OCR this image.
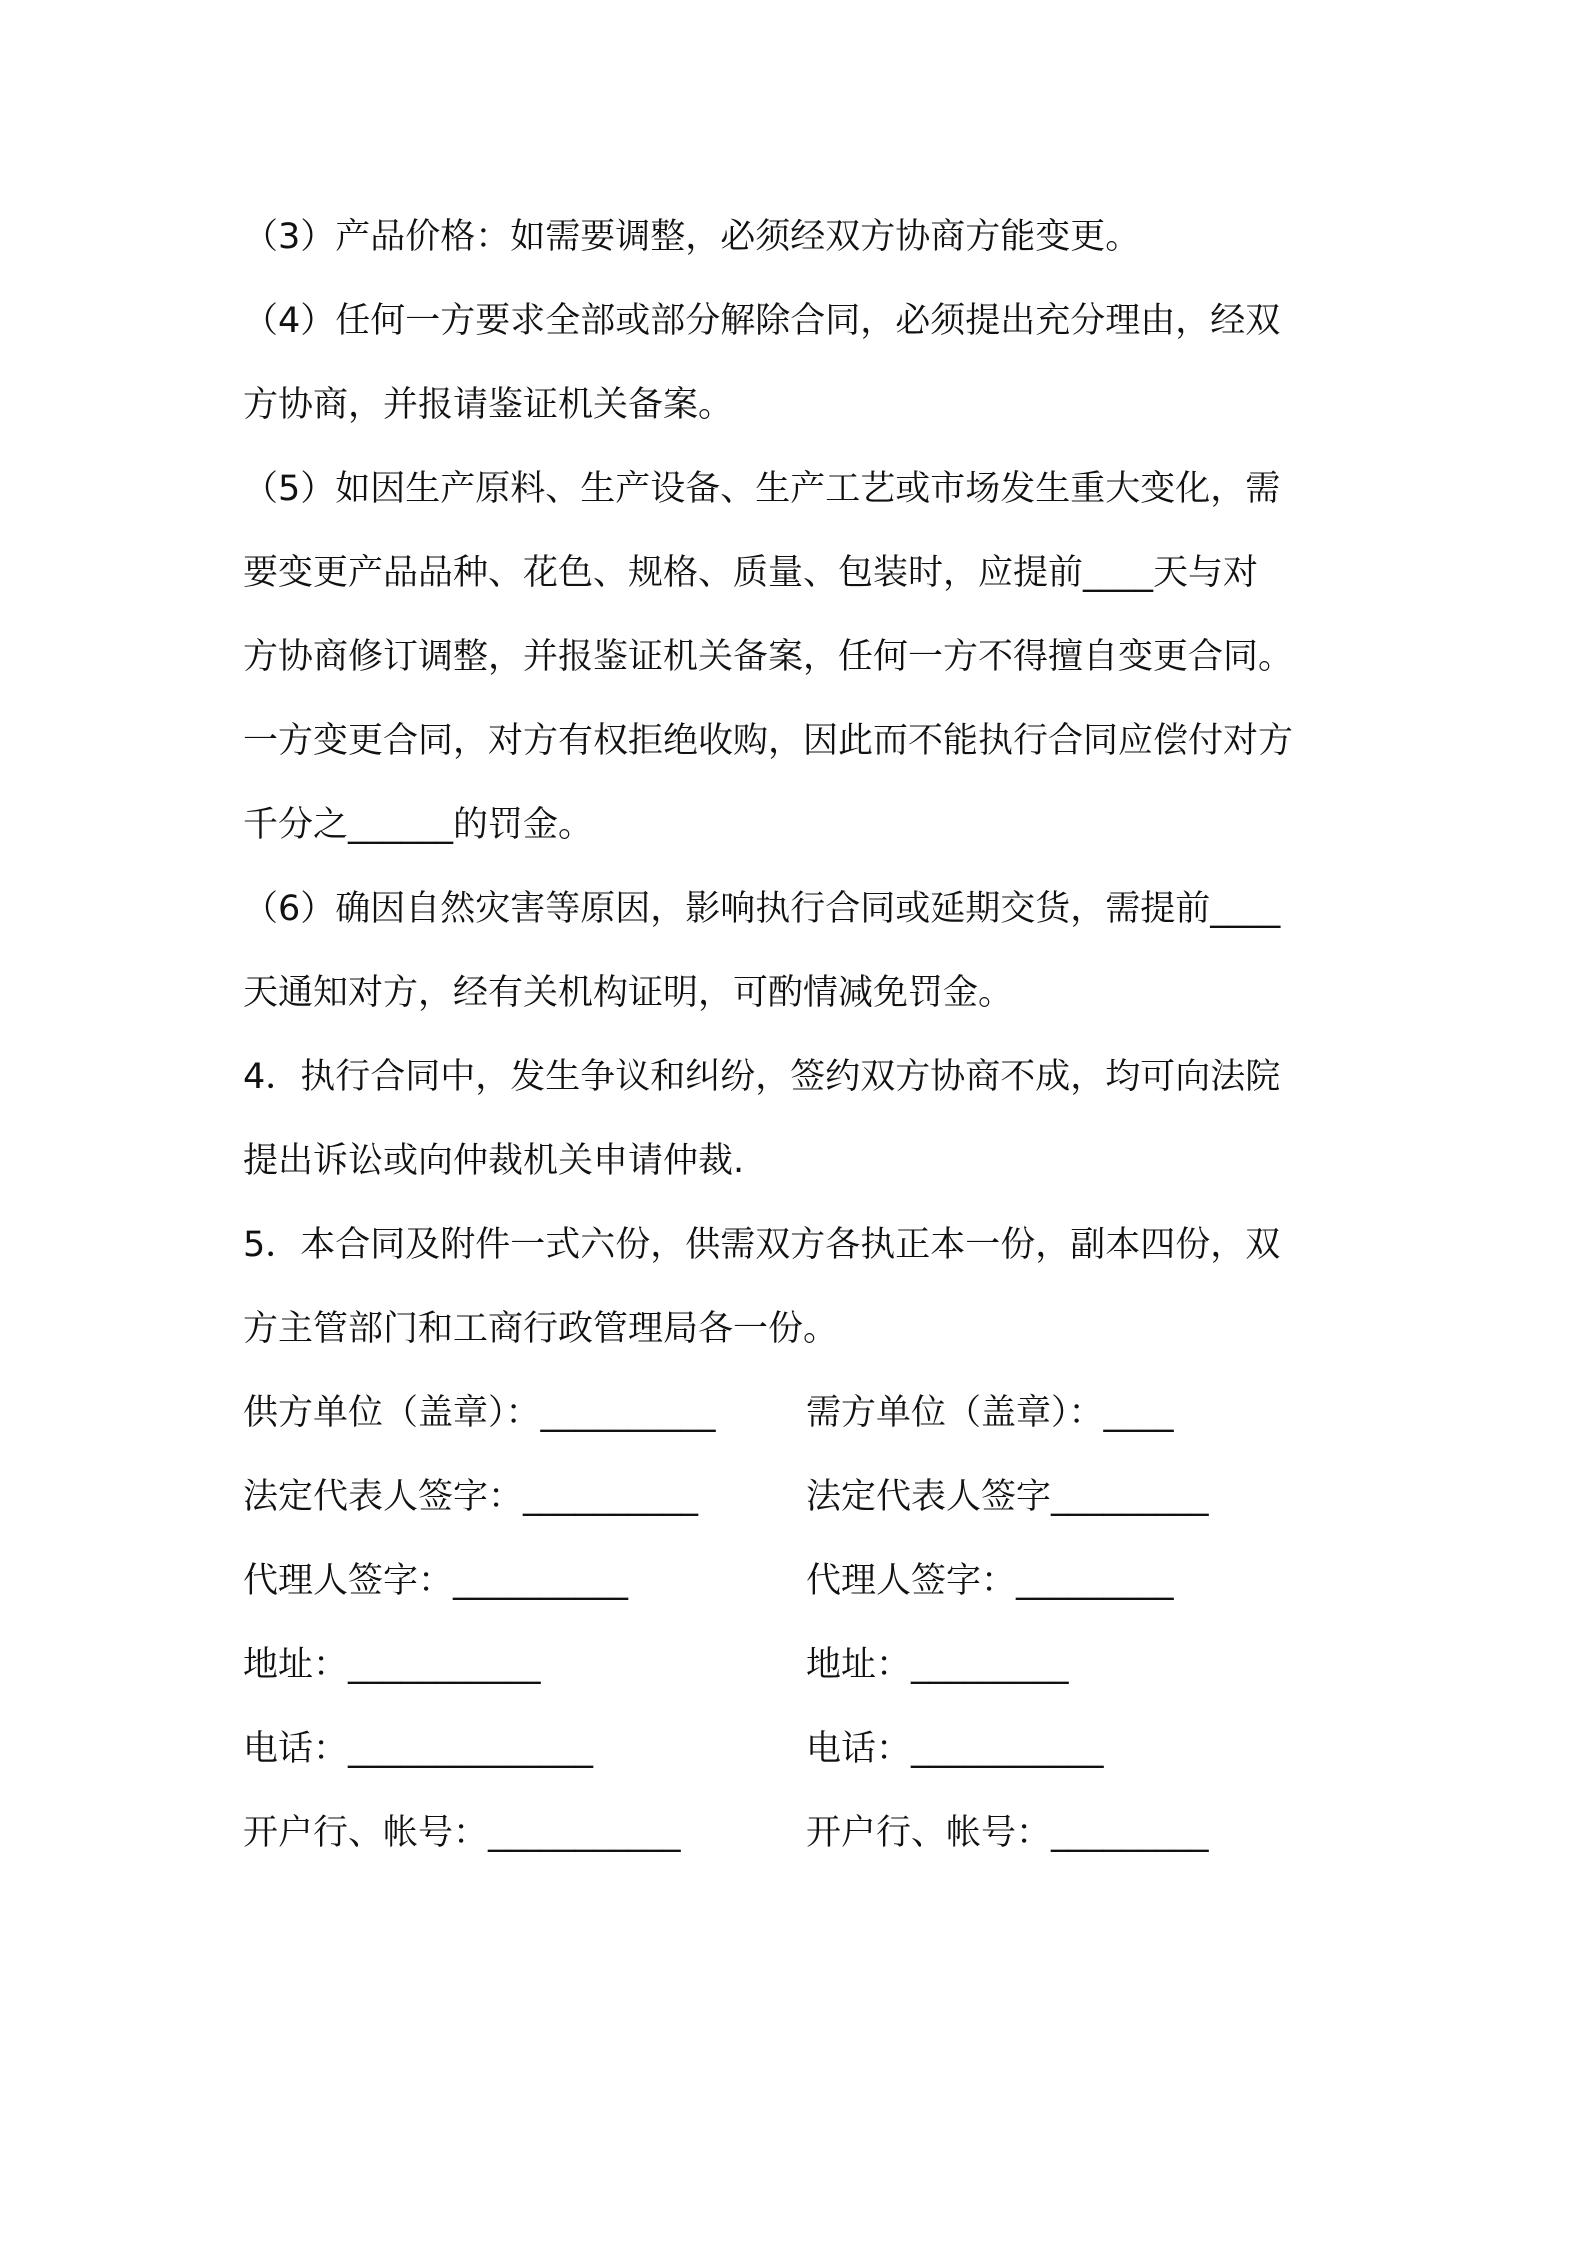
（3）产品价格：如需要调整，必须经双方协商方能变更。
（4）任何一方要求全部或部分解除合同，必须提出充分理由，经双
方协商，并报请鉴证机关备案。
（5）如因生产原料、生产设备、生产工艺或市场发生重大变化，需
要变更产品品种、花色、规格、质量、包装时，应提前____天与对
方协商修订调整，并报鉴证机关备案，任何一方不得擅自变更合同。
一方变更合同，对方有权拒绝收购，因此而不能执行合同应偿付对方
千分之______的罚金。
（6）确因自然灾害等原因，影响执行合同或延期交货，需提前____
天通知对方，经有关机构证明，可酌情减免罚金。
4．执行合同中，发生争议和纠纷，签约双方协商不成，均可向法院
提出诉讼或向仲裁机关申请仲裁.
5．本合同及附件一式六份，供需双方各执正本一份，副本四份，双
方主管部门和工商行政管理局各一份。
供方单位（盖章）：__________	需方单位（盖章）：____
法定代表人签字：__________	法定代表人签字_________
代理人签字：__________	代理人签字：_________
地址：___________	地址：_________
电话：______________	电话：___________
开户行、帐号：___________	开户行、帐号：_________
